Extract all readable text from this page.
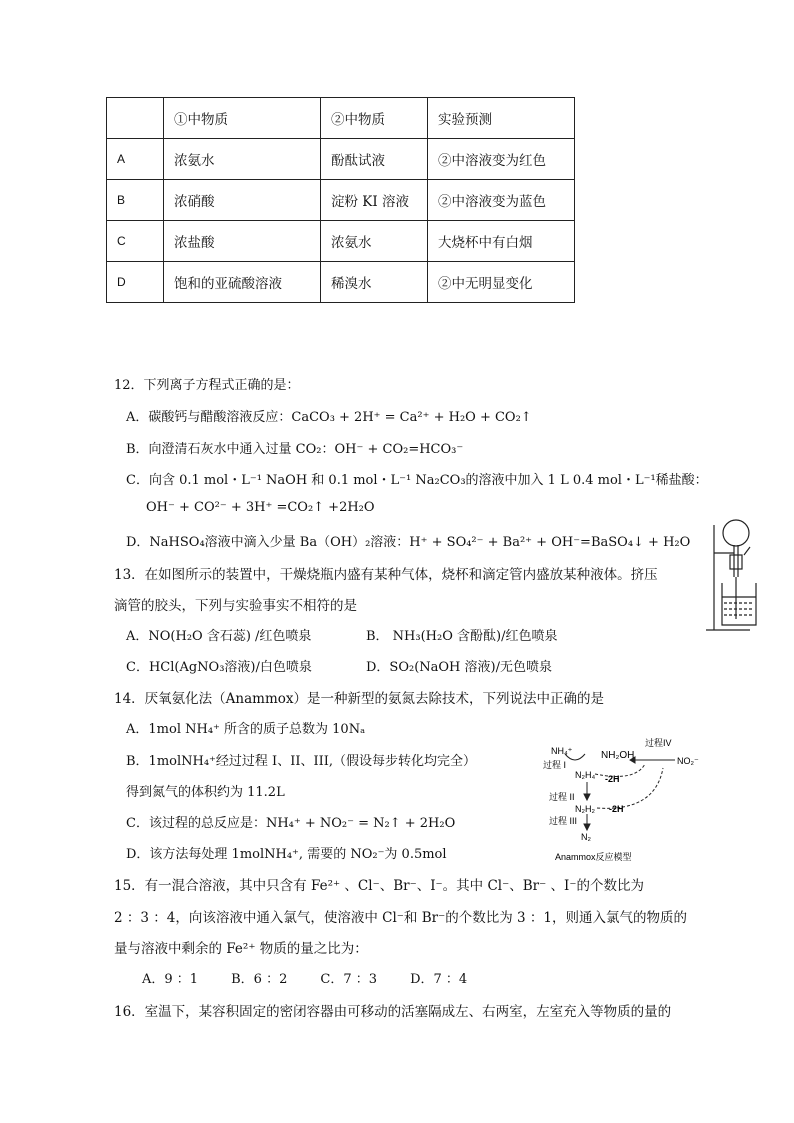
	①中物质	②中物质	实验预测
A	浓氨水	酚酞试液	②中溶液变为红色
B	浓硝酸	淀粉 KI 溶液	②中溶液变为蓝色
C	浓盐酸	浓氨水	大烧杯中有白烟
D	饱和的亚硫酸溶液	稀溴水	②中无明显变化
12．下列离子方程式正确的是：
A．碳酸钙与醋酸溶液反应：CaCO₃ + 2H⁺ = Ca²⁺ + H₂O + CO₂↑
B．向澄清石灰水中通入过量 CO₂：OH⁻ + CO₂=HCO₃⁻
C．向含 0.1 mol・L⁻¹ NaOH 和 0.1 mol・L⁻¹ Na₂CO₃的溶液中加入 1 L 0.4 mol・L⁻¹稀盐酸：
OH⁻ + CO²⁻ + 3H⁺ =CO₂↑ +2H₂O
D．NaHSO₄溶液中滴入少量 Ba（OH）₂溶液：H⁺ + SO₄²⁻ + Ba²⁺ + OH⁻=BaSO₄↓ + H₂O
13．在如图所示的装置中，干燥烧瓶内盛有某种气体，烧杯和滴定管内盛放某种液体。挤压
滴管的胶头，下列与实验事实不相符的是
A．NO(H₂O 含石蕊) /红色喷泉	B． NH₃(H₂O 含酚酞)/红色喷泉
C．HCl(AgNO₃溶液)/白色喷泉	D．SO₂(NaOH 溶液)/无色喷泉
14．厌氧氨化法（Anammox）是一种新型的氨氮去除技术，下列说法中正确的是
A．1mol NH₄⁺ 所含的质子总数为 10Nₐ
B．1molNH₄⁺经过过程 I、II、III,（假设每步转化均完全）
得到氮气的体积约为 11.2L
C．该过程的总反应是：NH₄⁺ + NO₂⁻ = N₂↑ + 2H₂O
D．该方法每处理 1molNH₄⁺, 需要的 NO₂⁻为 0.5mol
NH₄⁺	NH₂OH	NO₂⁻
过程IV
过程 I
N₂H₄ -2H
过程 II
N₂H₂ -2H
过程 III
N₂
Anammox反应模型
15．有一混合溶液，其中只含有 Fe²⁺ 、Cl⁻、Br⁻、I⁻。其中 Cl⁻、Br⁻ 、I⁻的个数比为
2 ：3 ：4，向该溶液中通入氯气，使溶液中 Cl⁻和 Br⁻的个数比为 3 ：1，则通入氯气的物质的
量与溶液中剩余的 Fe²⁺ 物质的量之比为：
A．9 ：1        B．6 ：2        C．7 ：3        D．7 ：4
16．室温下，某容积固定的密闭容器由可移动的活塞隔成左、右两室，左室充入等物质的量的
